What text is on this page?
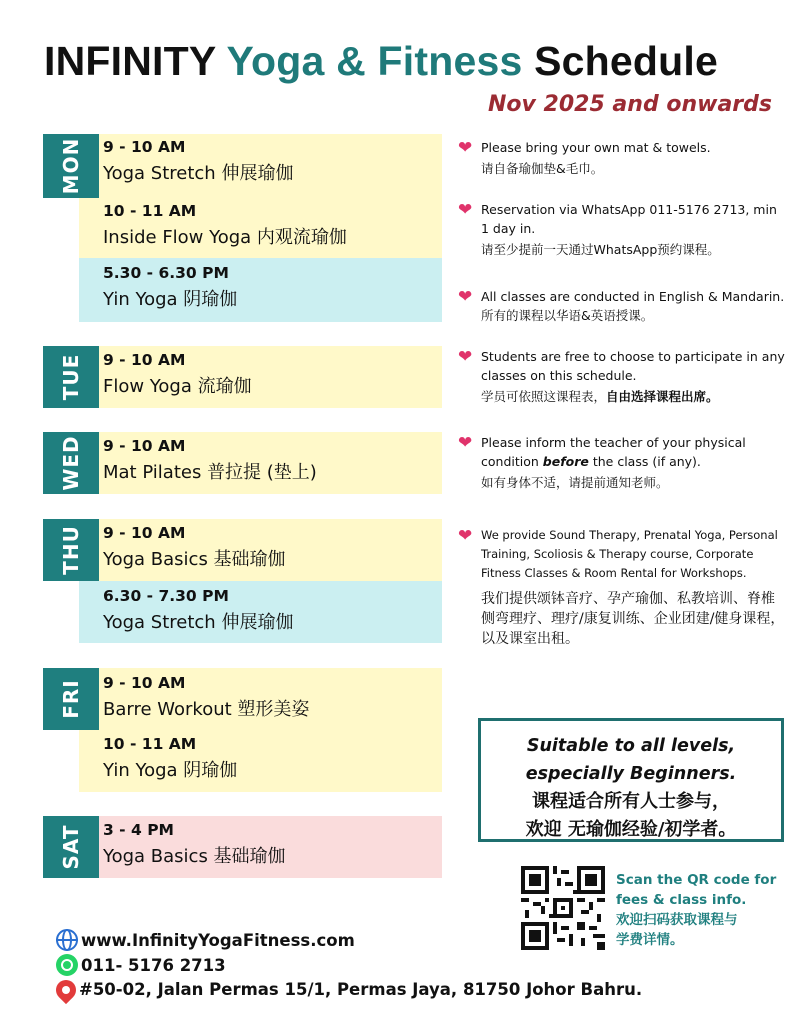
INFINITY Yoga & Fitness Schedule
Nov 2025 and onwards
MON 9 - 10 AM
Yoga Stretch 伸展瑜伽
10 - 11 AM
Inside Flow Yoga 内观流瑜伽
5.30 - 6.30 PM
Yin Yoga 阴瑜伽
TUE 9 - 10 AM
Flow Yoga 流瑜伽
WED 9 - 10 AM
Mat Pilates 普拉提 (垫上)
THU 9 - 10 AM
Yoga Basics 基础瑜伽
6.30 - 7.30 PM
Yoga Stretch 伸展瑜伽
FRI 9 - 10 AM
Barre Workout 塑形美姿
10 - 11 AM
Yin Yoga 阴瑜伽
SAT 3 - 4 PM
Yoga Basics 基础瑜伽
❤ Please bring your own mat & towels.
请自备瑜伽垫&毛巾。
❤ Reservation via WhatsApp 011-5176 2713, min 1 day in.
请至少提前一天通过WhatsApp预约课程。
❤ All classes are conducted in English & Mandarin. 所有的课程以华语&英语授课。
❤ Students are free to choose to participate in any classes on this schedule.
学员可依照这课程表，自由选择课程出席。
❤ Please inform the teacher of your physical condition before the class (if any).
如有身体不适，请提前通知老师。
❤ We provide Sound Therapy, Prenatal Yoga, Personal Training, Scoliosis & Therapy course, Corporate Fitness Classes & Room Rental for Workshops.
我们提供颂钵音疗、孕产瑜伽、私教培训、脊椎侧弯理疗、理疗/康复训练、企业团建/健身课程，以及课室出租。
Suitable to all levels,
especially Beginners.
课程适合所有人士参与，
欢迎 无瑜伽经验/初学者。
Scan the QR code for
fees & class info.
欢迎扫码获取课程与
学费详情。
www.InfinityYogaFitness.com
011- 5176 2713
#50-02, Jalan Permas 15/1, Permas Jaya, 81750 Johor Bahru.
